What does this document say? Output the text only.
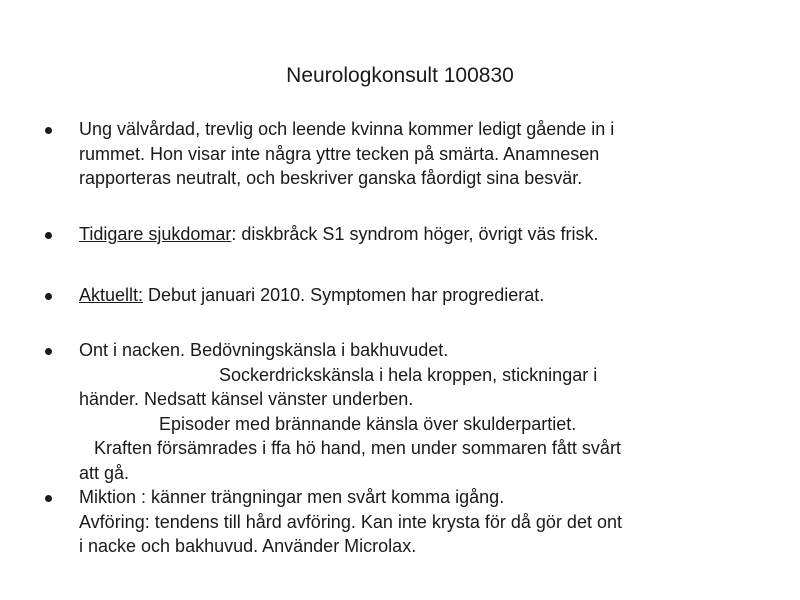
Neurologkonsult 100830
Ung välvårdad, trevlig och leende kvinna kommer ledigt gående in i
rummet. Hon visar inte några yttre tecken på smärta. Anamnesen
rapporteras neutralt, och beskriver ganska fåordigt sina besvär.
Tidigare sjukdomar: diskbråck S1 syndrom höger, övrigt väs frisk.
Aktuellt: Debut januari 2010. Symptomen har progredierat.
Ont i nacken. Bedövningskänsla i bakhuvudet.
Sockerdrickskänsla i hela kroppen, stickningar i
händer. Nedsatt känsel vänster underben.
Episoder med brännande känsla över skulderpartiet.
Kraften försämrades i ffa hö hand, men under sommaren fått svårt
att gå.
Miktion : känner trängningar men svårt komma igång.
Avföring: tendens till hård avföring. Kan inte krysta för då gör det ont
i nacke och bakhuvud. Använder Microlax.
